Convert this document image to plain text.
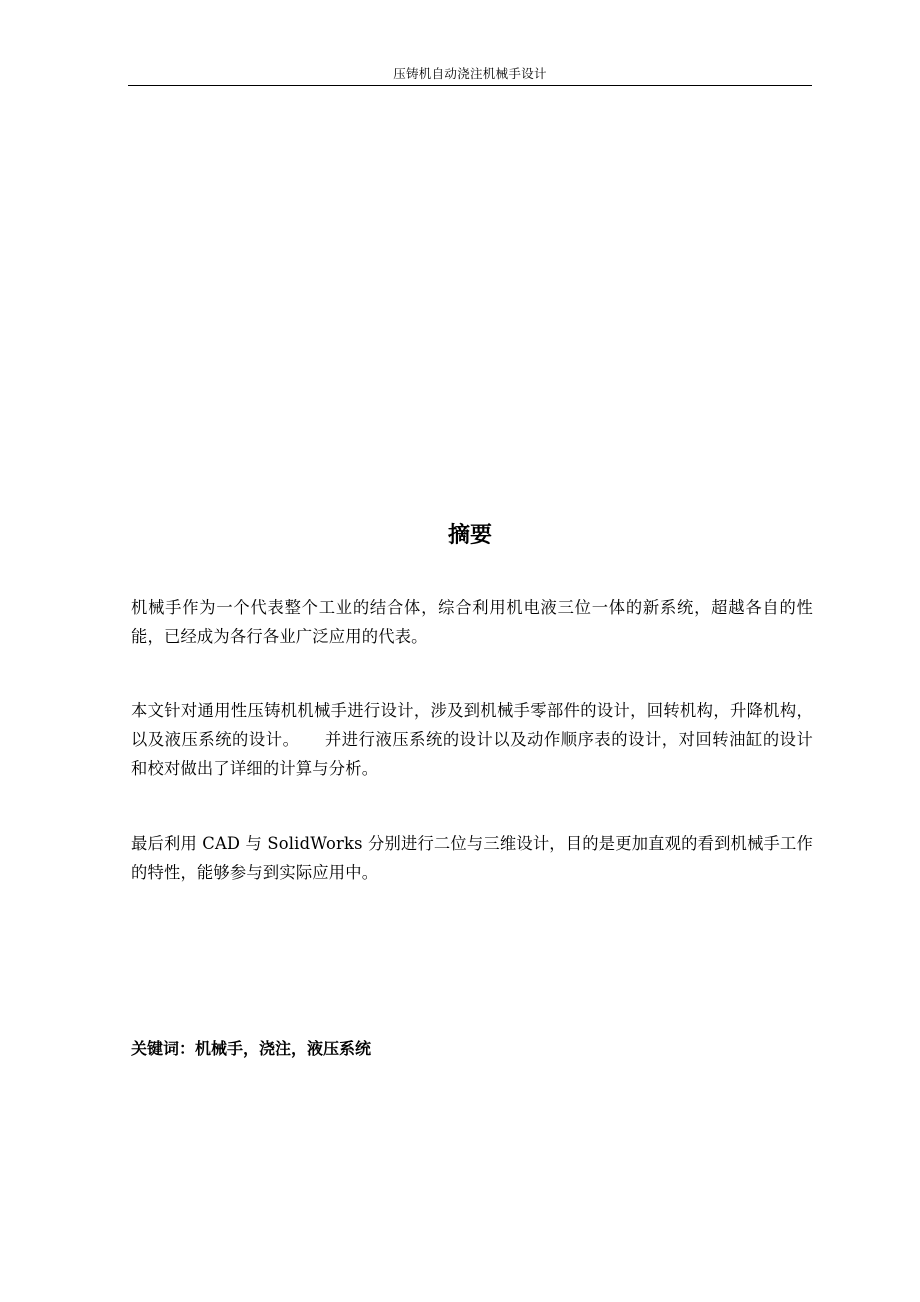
压铸机自动浇注机械手设计
摘要

机械手作为一个代表整个工业的结合体，综合利用机电液三位一体的新系统，超越各自的性能，已经成为各行各业广泛应用的代表。

本文针对通用性压铸机机械手进行设计，涉及到机械手零部件的设计，回转机构，升降机构，以及液压系统的设计。　　并进行液压系统的设计以及动作顺序表的设计，对回转油缸的设计和校对做出了详细的计算与分析。

最后利用 CAD 与 SolidWorks 分别进行二位与三维设计，目的是更加直观的看到机械手工作的特性，能够参与到实际应用中。

关键词：机械手，浇注，液压系统
